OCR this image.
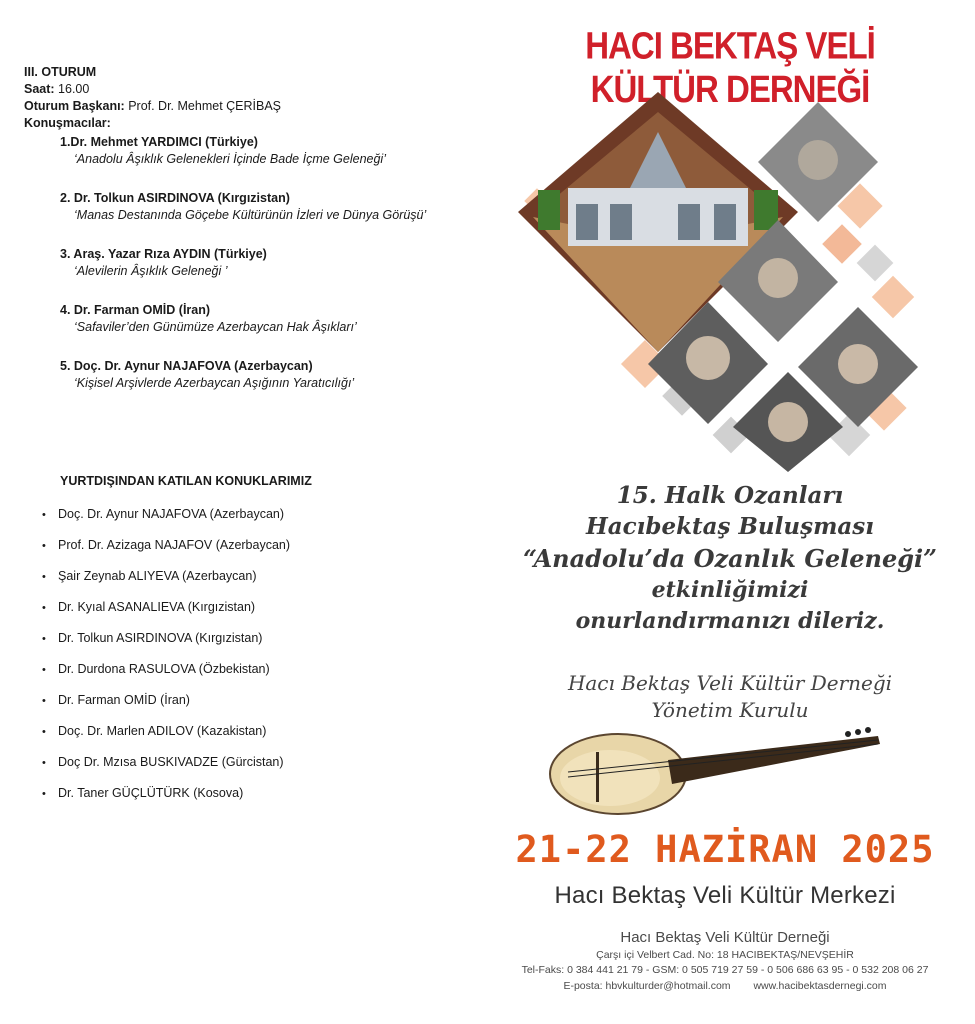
III. OTURUM

Saat: 16.00

Oturum Başkanı: Prof. Dr. Mehmet ÇERİBAŞ

Konuşmacılar:

1.Dr. Mehmet YARDIMCI (Türkiye)
‘Anadolu Âşıklık Gelenekleri İçinde Bade İçme Geleneği’
2. Dr. Tolkun ASIRDINOVA (Kırgızistan)
‘Manas Destanında Göçebe Kültürünün İzleri ve Dünya Görüşü’
3. Araş. Yazar Rıza AYDIN (Türkiye)
‘Alevilerin Âşıklık Geleneği ’
4. Dr. Farman OMİD (İran)
‘Safaviler’den Günümüze Azerbaycan Hak Âşıkları’
5. Doç. Dr. Aynur NAJAFOVA (Azerbaycan)
‘Kişisel Arşivlerde Azerbaycan Aşığının Yaratıcılığı’
YURTDIŞINDAN KATILAN KONUKLARIMIZ
• Doç. Dr. Aynur NAJAFOVA (Azerbaycan)
• Prof. Dr. Azizaga NAJAFOV (Azerbaycan)
• Şair Zeynab ALIYEVA (Azerbaycan)
• Dr. Kyıal ASANALIEVA (Kırgızistan)
• Dr. Tolkun ASIRDINOVA (Kırgızistan)
• Dr. Durdona RASULOVA (Özbekistan)
• Dr. Farman OMİD (İran)
• Doç. Dr. Marlen ADILOV (Kazakistan)
• Doç Dr. Mzısa BUSKIVADZE (Gürcistan)
• Dr. Taner GÜÇLÜTÜRK (Kosova)
HACI BEKTAŞ VELİ KÜLTÜR DERNEĞİ
15. Halk Ozanları
Hacıbektaş Buluşması
“Anadolu’da Ozanlık Geleneği”
etkinliğimizi
onurlandırmanızı dileriz.
Hacı Bektaş Veli Kültür Derneği
Yönetim Kurulu
21-22 HAZİRAN 2025
Hacı Bektaş Veli Kültür Merkezi
Hacı Bektaş Veli Kültür Derneği
Çarşı içi Velbert Cad. No: 18 HACIBEKTAŞ/NEVŞEHİR
Tel-Faks: 0 384 441 21 79 - GSM: 0 505 719 27 59 - 0 506 686 63 95 - 0 532 208 06 27
E-posta: hbvkulturder@hotmail.com www.hacibektasdernegi.com
